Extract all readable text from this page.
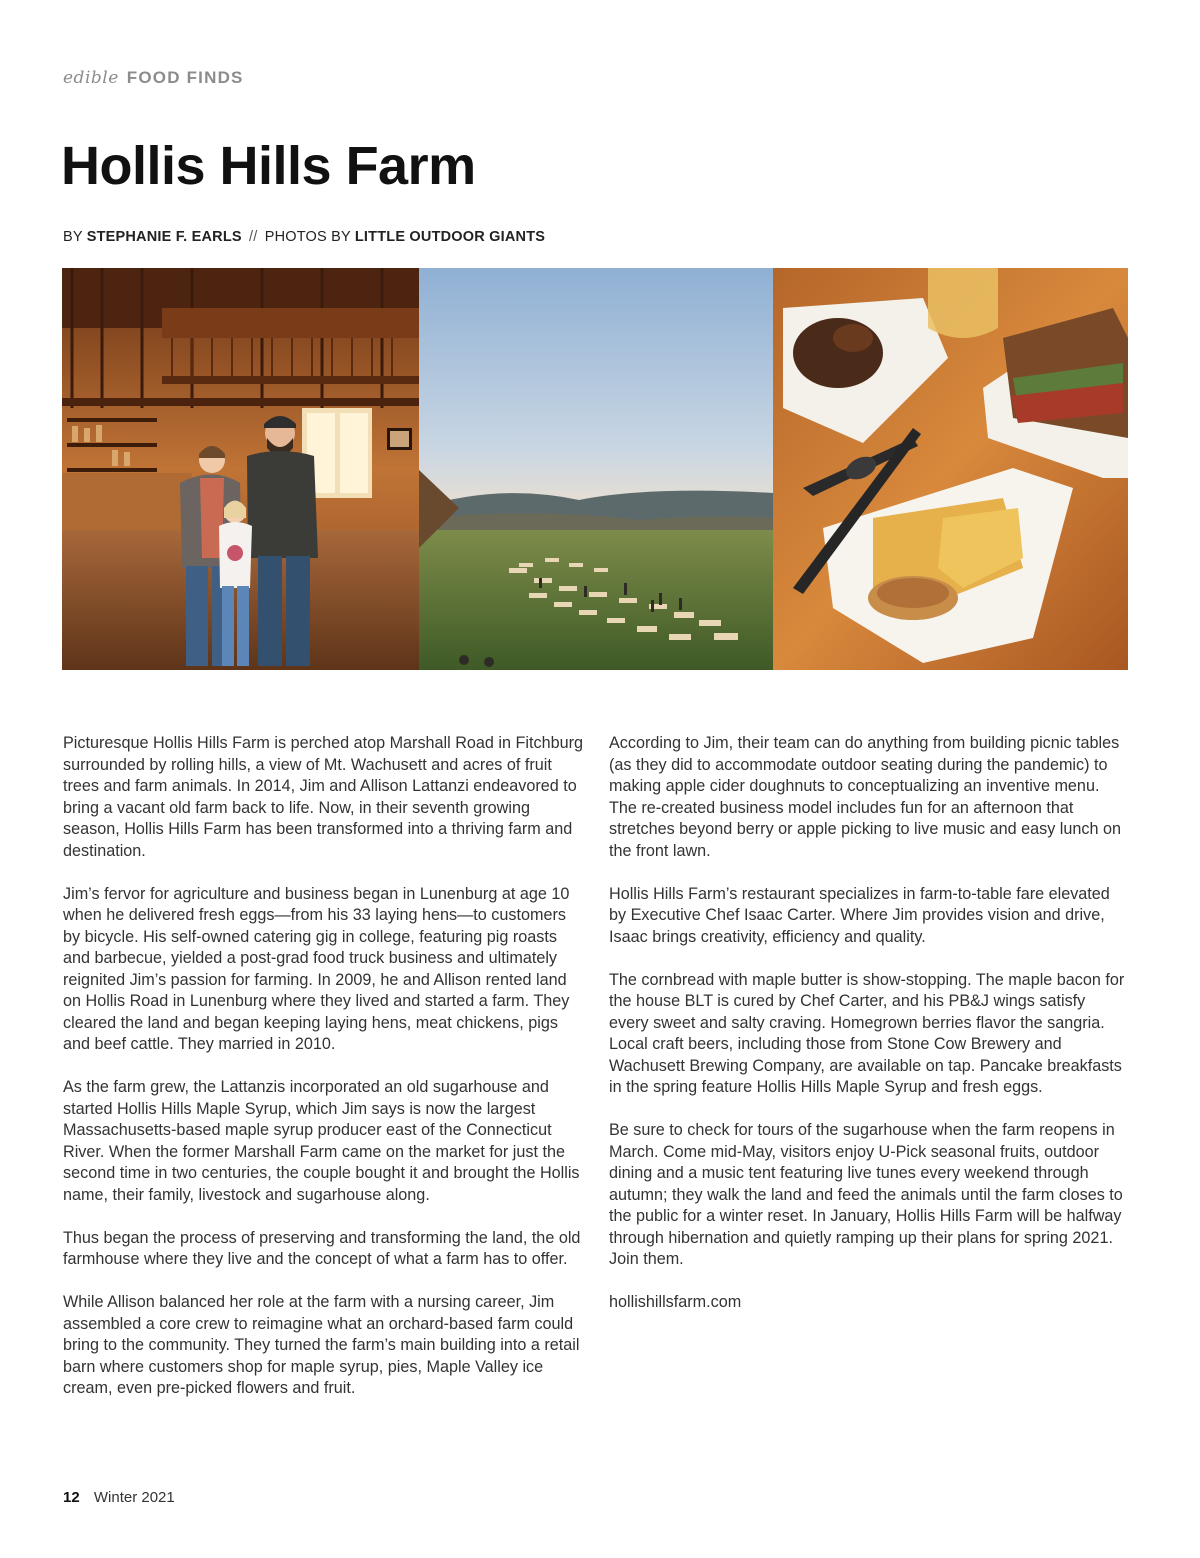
edible FOOD FINDS
Hollis Hills Farm
BY STEPHANIE F. EARLS // PHOTOS BY LITTLE OUTDOOR GIANTS

Picturesque Hollis Hills Farm is perched atop Marshall Road in Fitchburg surrounded by rolling hills, a view of Mt. Wachusett and acres of fruit trees and farm animals. In 2014, Jim and Allison Lattanzi endeavored to bring a vacant old farm back to life. Now, in their seventh growing season, Hollis Hills Farm has been transformed into a thriving farm and destination.

Jim’s fervor for agriculture and business began in Lunenburg at age 10 when he delivered fresh eggs—from his 33 laying hens—to customers by bicycle. His self-owned catering gig in college, featuring pig roasts and barbecue, yielded a post-grad food truck business and ultimately reignited Jim’s passion for farming. In 2009, he and Allison rented land on Hollis Road in Lunenburg where they lived and started a farm. They cleared the land and began keeping laying hens, meat chickens, pigs and beef cattle. They married in 2010.

As the farm grew, the Lattanzis incorporated an old sugarhouse and started Hollis Hills Maple Syrup, which Jim says is now the largest Massachusetts-based maple syrup producer east of the Connecticut River. When the former Marshall Farm came on the market for just the second time in two centuries, the couple bought it and brought the Hollis name, their family, livestock and sugarhouse along.

Thus began the process of preserving and transforming the land, the old farmhouse where they live and the concept of what a farm has to offer.

While Allison balanced her role at the farm with a nursing career, Jim assembled a core crew to reimagine what an orchard-based farm could bring to the community. They turned the farm’s main building into a retail barn where customers shop for maple syrup, pies, Maple Valley ice cream, even pre-picked flowers and fruit.

According to Jim, their team can do anything from building picnic tables (as they did to accommodate outdoor seating during the pandemic) to making apple cider doughnuts to conceptualizing an inventive menu. The re-created business model includes fun for an afternoon that stretches beyond berry or apple picking to live music and easy lunch on the front lawn.

Hollis Hills Farm’s restaurant specializes in farm-to-table fare elevated by Executive Chef Isaac Carter. Where Jim provides vision and drive, Isaac brings creativity, efficiency and quality.

The cornbread with maple butter is show-stopping. The maple bacon for the house BLT is cured by Chef Carter, and his PB&J wings satisfy every sweet and salty craving. Homegrown berries flavor the sangria. Local craft beers, including those from Stone Cow Brewery and Wachusett Brewing Company, are available on tap. Pancake breakfasts in the spring feature Hollis Hills Maple Syrup and fresh eggs.

Be sure to check for tours of the sugarhouse when the farm reopens in March. Come mid-May, visitors enjoy U-Pick seasonal fruits, outdoor dining and a music tent featuring live tunes every weekend through autumn; they walk the land and feed the animals until the farm closes to the public for a winter reset. In January, Hollis Hills Farm will be halfway through hibernation and quietly ramping up their plans for spring 2021. Join them.

hollishillsfarm.com

12 Winter 2021
